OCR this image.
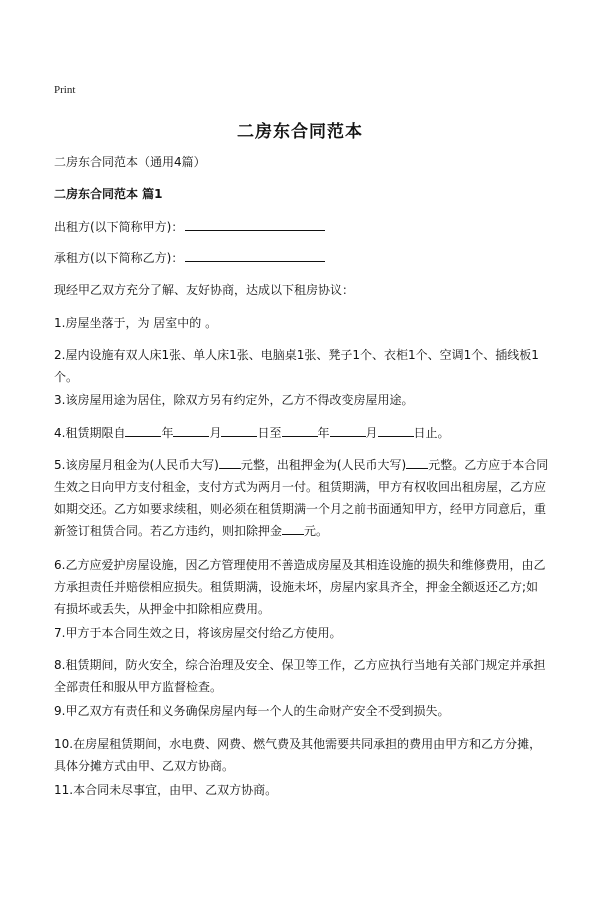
Print
二房东合同范本

二房东合同范本（通用4篇）

二房东合同范本 篇1

出租方(以下简称甲方)：

承租方(以下简称乙方)：

现经甲乙双方充分了解、友好协商，达成以下租房协议：

1.房屋坐落于，为 居室中的 。

2.屋内设施有双人床1张、单人床1张、电脑桌1张、凳子1个、衣柜1个、空调1个、插线板1个。

3.该房屋用途为居住，除双方另有约定外，乙方不得改变房屋用途。

4.租赁期限自	年	月	日至	年	月	日止。

5.该房屋月租金为(人民币大写) 元整，出租押金为(人民币大写) 元整。乙方应于本合同生效之日向甲方支付租金，支付方式为两月一付。租赁期满，甲方有权收回出租房屋，乙方应如期交还。乙方如要求续租，则必须在租赁期满一个月之前书面通知甲方，经甲方同意后，重新签订租赁合同。若乙方违约，则扣除押金 元。

6.乙方应爱护房屋设施，因乙方管理使用不善造成房屋及其相连设施的损失和维修费用，由乙方承担责任并赔偿相应损失。租赁期满，设施未坏，房屋内家具齐全，押金全额返还乙方;如有损坏或丢失，从押金中扣除相应费用。

7.甲方于本合同生效之日，将该房屋交付给乙方使用。

8.租赁期间，防火安全，综合治理及安全、保卫等工作，乙方应执行当地有关部门规定并承担全部责任和服从甲方监督检查。

9.甲乙双方有责任和义务确保房屋内每一个人的生命财产安全不受到损失。

10.在房屋租赁期间，水电费、网费、燃气费及其他需要共同承担的费用由甲方和乙方分摊，具体分摊方式由甲、乙双方协商。

11.本合同未尽事宜，由甲、乙双方协商。
